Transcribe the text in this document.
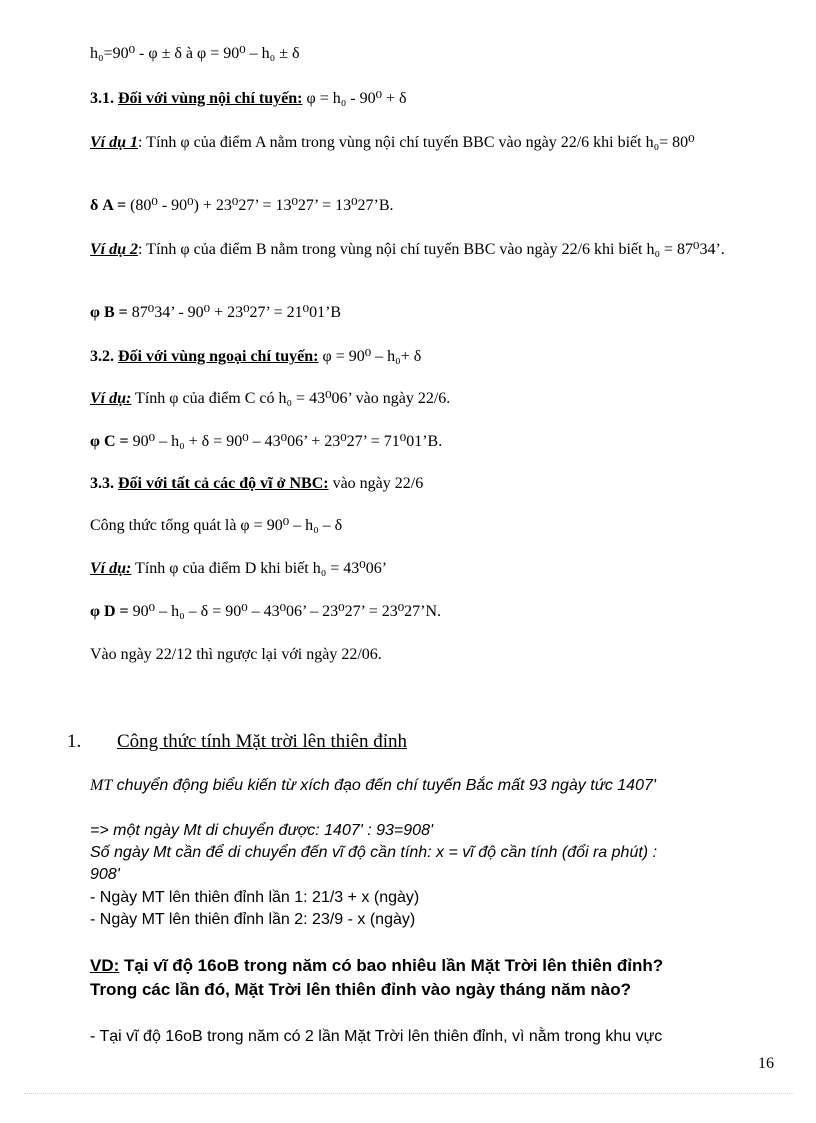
h₀=90⁰ - φ ± δ à φ = 90⁰ – h₀ ± δ
3.1. Đối với vùng nội chí tuyến: φ = h₀ - 90⁰ + δ
Ví dụ 1: Tính φ của điểm A nằm trong vùng nội chí tuyến BBC vào ngày 22/6 khi biết h₀= 80⁰
δ A = (80⁰ - 90⁰) + 23⁰27’ = 13⁰27’ = 13⁰27’B.
Ví dụ 2: Tính φ của điểm B nằm trong vùng nội chí tuyến BBC vào ngày 22/6 khi biết h₀ = 87⁰34’.
φ B = 87⁰34’ - 90⁰ + 23⁰27’ = 21⁰01’B
3.2. Đối với vùng ngoại chí tuyến: φ = 90⁰ – h₀+ δ
Ví dụ: Tính φ của điểm C có h₀ = 43⁰06’ vào ngày 22/6.
φ C = 90⁰ – h₀ + δ = 90⁰ – 43⁰06’ + 23⁰27’ = 71⁰01’B.
3.3. Đối với tất cả các độ vĩ ở NBC: vào ngày 22/6
Công thức tổng quát là φ = 90⁰ – h₀ – δ
Ví dụ: Tính φ của điểm D khi biết h₀ = 43⁰06’
φ D = 90⁰ – h₀ – δ = 90⁰ – 43⁰06’ – 23⁰27’ = 23⁰27’N.
Vào ngày 22/12 thì ngược lại với ngày 22/06.
1. Công thức tính Mặt trời lên thiên đỉnh
MT chuyển động biểu kiến từ xích đạo đến chí tuyến Bắc mất 93 ngày tức 1407'
=> một ngày Mt di chuyển được: 1407' : 93=908'
Số ngày Mt cần để di chuyển đến vĩ độ cần tính: x = vĩ độ cần tính (đổi ra phút) :
908'
- Ngày MT lên thiên đỉnh lần 1: 21/3 + x (ngày)
- Ngày MT lên thiên đỉnh lần 2: 23/9 - x (ngày)
VD: Tại vĩ độ 16oB trong năm có bao nhiêu lần Mặt Trời lên thiên đỉnh?
Trong các lần đó, Mặt Trời lên thiên đỉnh vào ngày tháng năm nào?
- Tại vĩ độ 16oB trong năm có 2 lần Mặt Trời lên thiên đỉnh, vì nằm trong khu vực
16
